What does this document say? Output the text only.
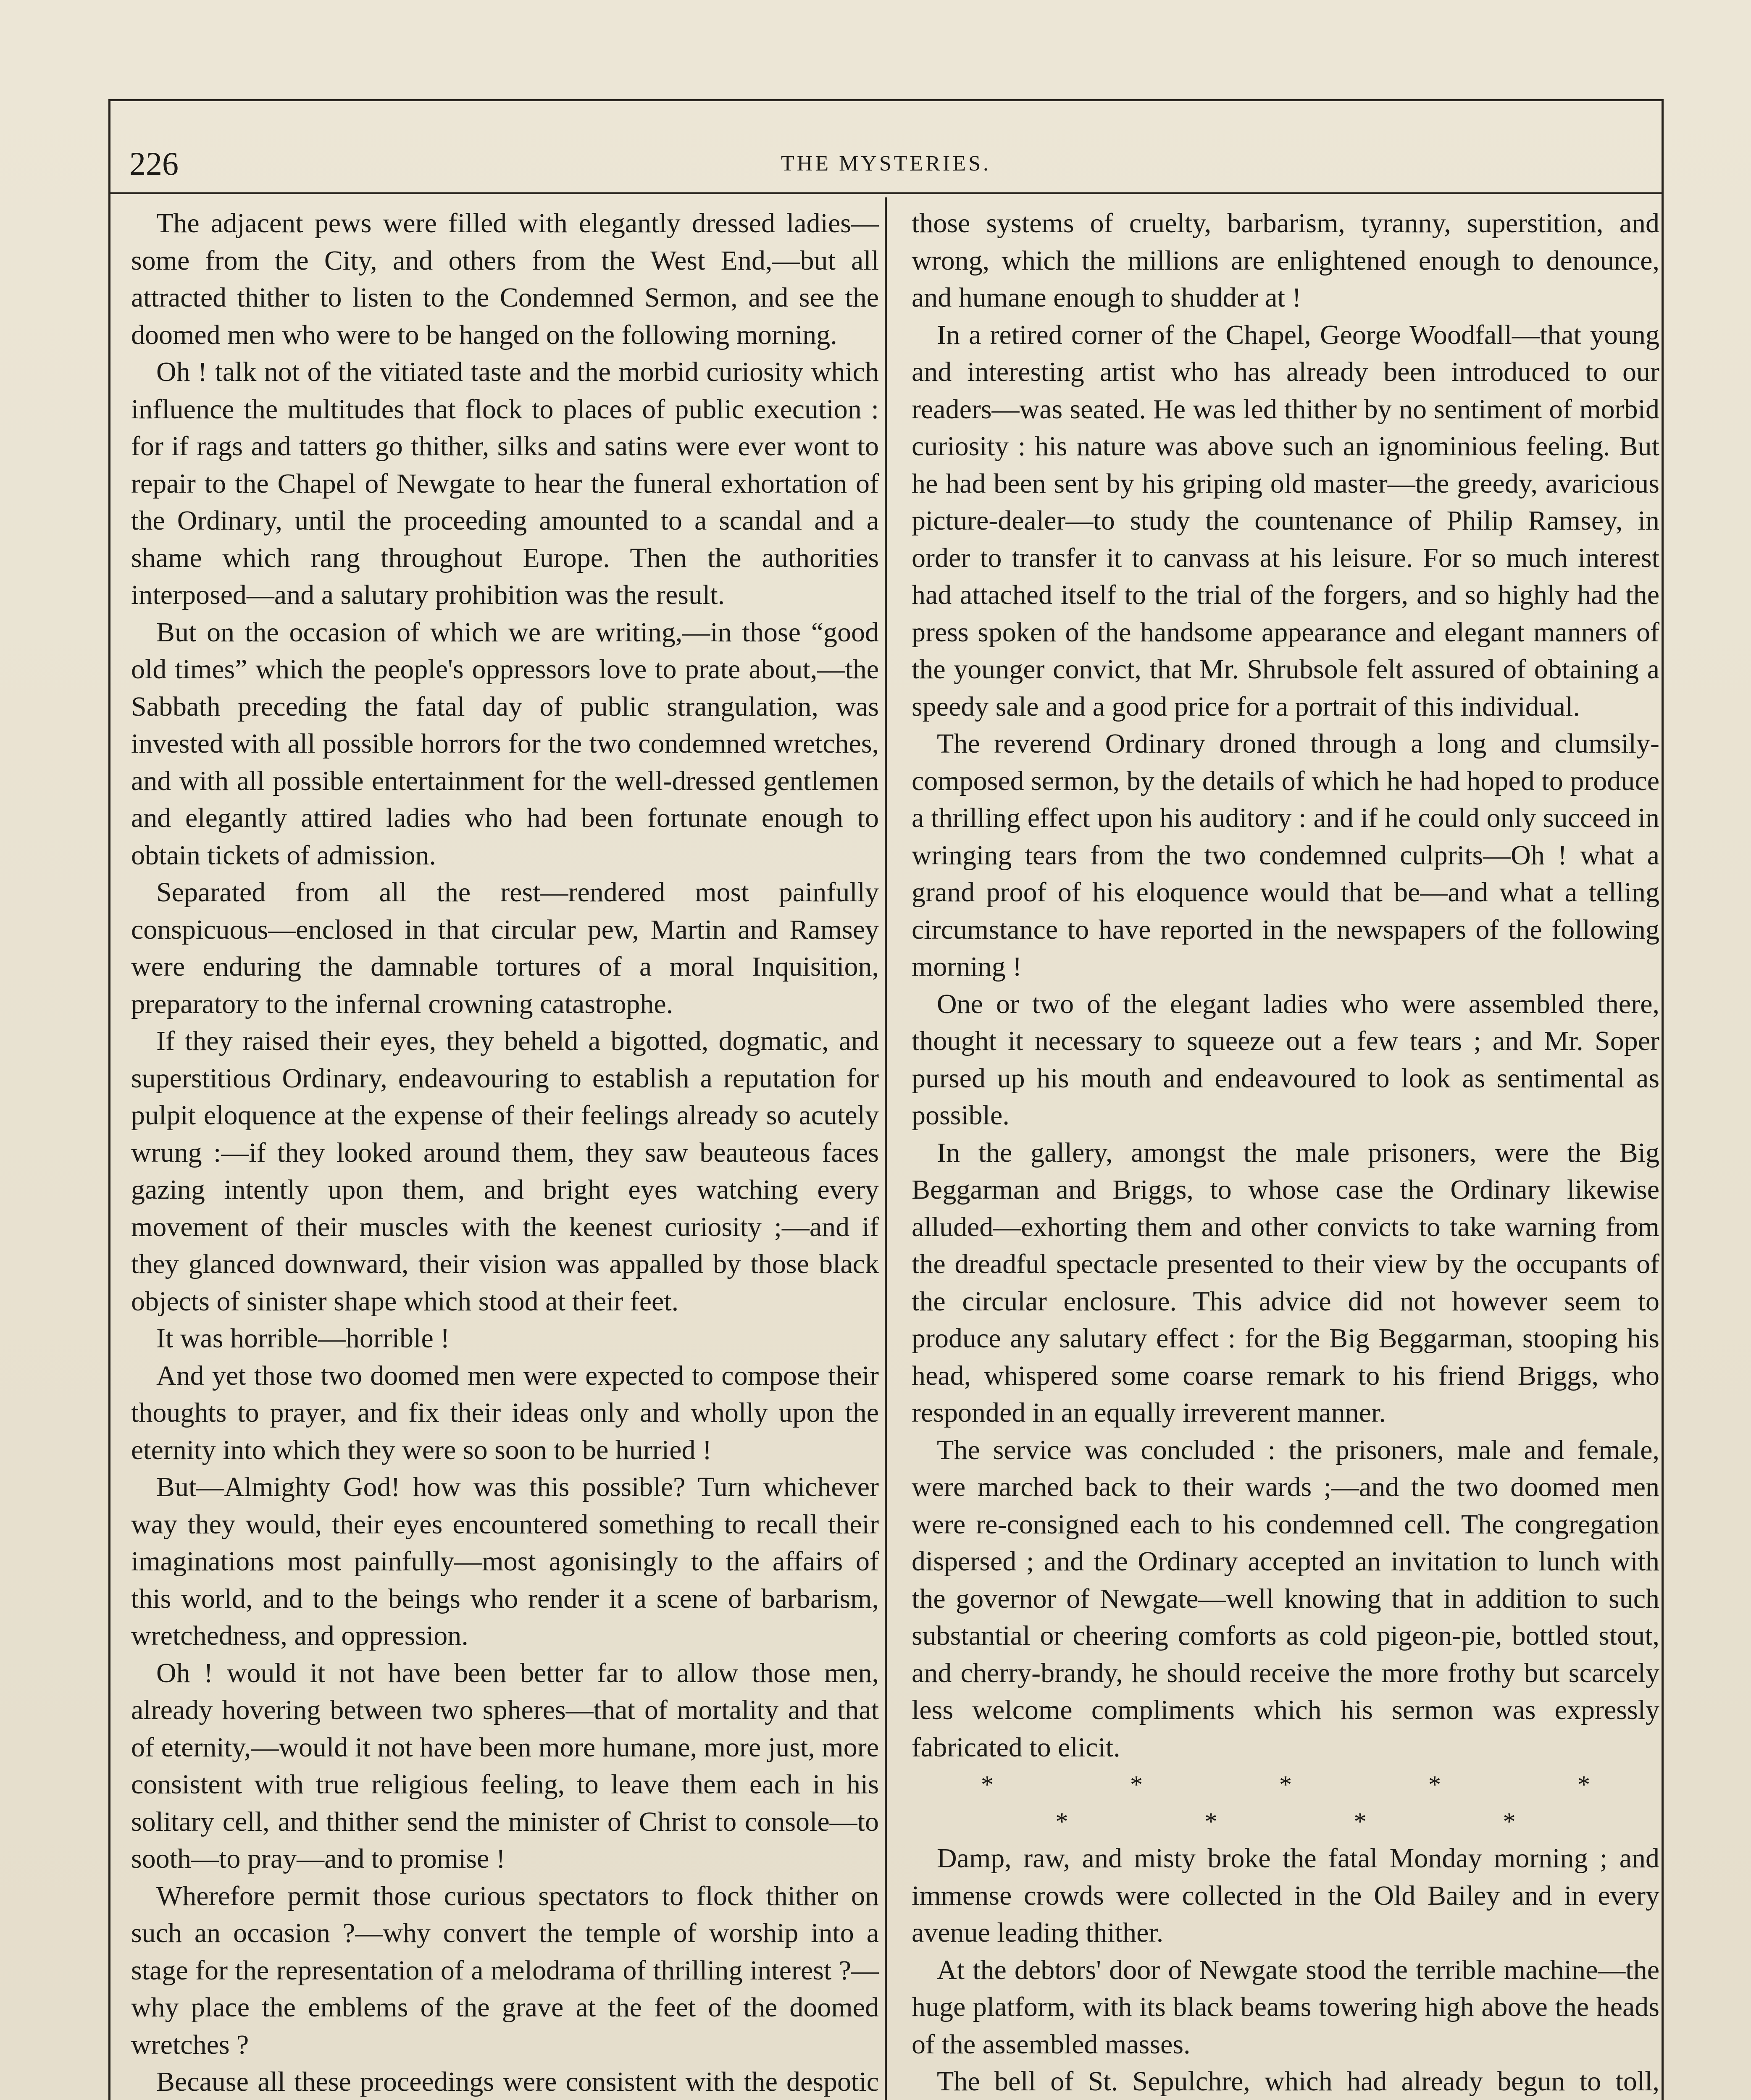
226	THE MYSTERIES.

The adjacent pews were filled with elegantly dressed ladies—some from the City, and others from the West End,—but all attracted thither to listen to the Condemned Sermon, and see the doomed men who were to be hanged on the following morning.

Oh ! talk not of the vitiated taste and the morbid curiosity which influence the multitudes that flock to places of public execution : for if rags and tatters go thither, silks and satins were ever wont to repair to the Chapel of Newgate to hear the funeral exhortation of the Ordinary, until the proceeding amounted to a scandal and a shame which rang throughout Europe. Then the authorities interposed—and a salutary prohibition was the result.

But on the occasion of which we are writing,—in those “good old times” which the people's oppressors love to prate about,—the Sabbath preceding the fatal day of public strangulation, was invested with all possible horrors for the two condemned wretches, and with all possible entertainment for the well-dressed gentlemen and elegantly attired ladies who had been fortunate enough to obtain tickets of admission.

Separated from all the rest—rendered most painfully conspicuous—enclosed in that circular pew, Martin and Ramsey were enduring the damnable tortures of a moral Inquisition, preparatory to the infernal crowning catastrophe.

If they raised their eyes, they beheld a bigotted, dogmatic, and superstitious Ordinary, endeavouring to establish a reputation for pulpit eloquence at the expense of their feelings already so acutely wrung :—if they looked around them, they saw beauteous faces gazing intently upon them, and bright eyes watching every movement of their muscles with the keenest curiosity ;—and if they glanced downward, their vision was appalled by those black objects of sinister shape which stood at their feet.

It was horrible—horrible !

And yet those two doomed men were expected to compose their thoughts to prayer, and fix their ideas only and wholly upon the eternity into which they were so soon to be hurried !

But—Almighty God! how was this possible? Turn whichever way they would, their eyes encountered something to recall their imaginations most painfully—most agonisingly to the affairs of this world, and to the beings who render it a scene of barbarism, wretchedness, and oppression.

Oh ! would it not have been better far to allow those men, already hovering between two spheres—that of mortality and that of eternity,—would it not have been more humane, more just, more consistent with true religious feeling, to leave them each in his solitary cell, and thither send the minister of Christ to console—to sooth—to pray—and to promise !

Wherefore permit those curious spectators to flock thither on such an occasion ?—why convert the temple of worship into a stage for the representation of a melodrama of thrilling interest ?—why place the emblems of the grave at the feet of the doomed wretches ?

Because all these proceedings were consistent with the despotic

those systems of cruelty, barbarism, tyranny, superstition, and wrong, which the millions are enlightened enough to denounce, and humane enough to shudder at !

In a retired corner of the Chapel, George Woodfall—that young and interesting artist who has already been introduced to our readers—was seated. He was led thither by no sentiment of morbid curiosity : his nature was above such an ignominious feeling. But he had been sent by his griping old master—the greedy, avaricious picture-dealer—to study the countenance of Philip Ramsey, in order to transfer it to canvass at his leisure. For so much interest had attached itself to the trial of the forgers, and so highly had the press spoken of the handsome appearance and elegant manners of the younger convict, that Mr. Shrubsole felt assured of obtaining a speedy sale and a good price for a portrait of this individual.

The reverend Ordinary droned through a long and clumsily-composed sermon, by the details of which he had hoped to produce a thrilling effect upon his auditory : and if he could only succeed in wringing tears from the two condemned culprits—Oh ! what a grand proof of his eloquence would that be—and what a telling circumstance to have reported in the newspapers of the following morning !

One or two of the elegant ladies who were assembled there, thought it necessary to squeeze out a few tears ; and Mr. Soper pursed up his mouth and endeavoured to look as sentimental as possible.

In the gallery, amongst the male prisoners, were the Big Beggarman and Briggs, to whose case the Ordinary likewise alluded—exhorting them and other convicts to take warning from the dreadful spectacle presented to their view by the occupants of the circular enclosure. This advice did not however seem to produce any salutary effect : for the Big Beggarman, stooping his head, whispered some coarse remark to his friend Briggs, who responded in an equally irreverent manner.

The service was concluded : the prisoners, male and female, were marched back to their wards ;—and the two doomed men were re-consigned each to his condemned cell. The congregation dispersed ; and the Ordinary accepted an invitation to lunch with the governor of Newgate—well knowing that in addition to such substantial or cheering comforts as cold pigeon-pie, bottled stout, and cherry-brandy, he should receive the more frothy but scarcely less welcome compliments which his sermon was expressly fabricated to elicit.

*	*	*	*	*
*	*	*	*

Damp, raw, and misty broke the fatal Monday morning ; and immense crowds were collected in the Old Bailey and in every avenue leading thither.

At the debtors' door of Newgate stood the terrible machine—the huge platform, with its black beams towering high above the heads of the assembled masses.

The bell of St. Sepulchre, which had already begun to toll,
